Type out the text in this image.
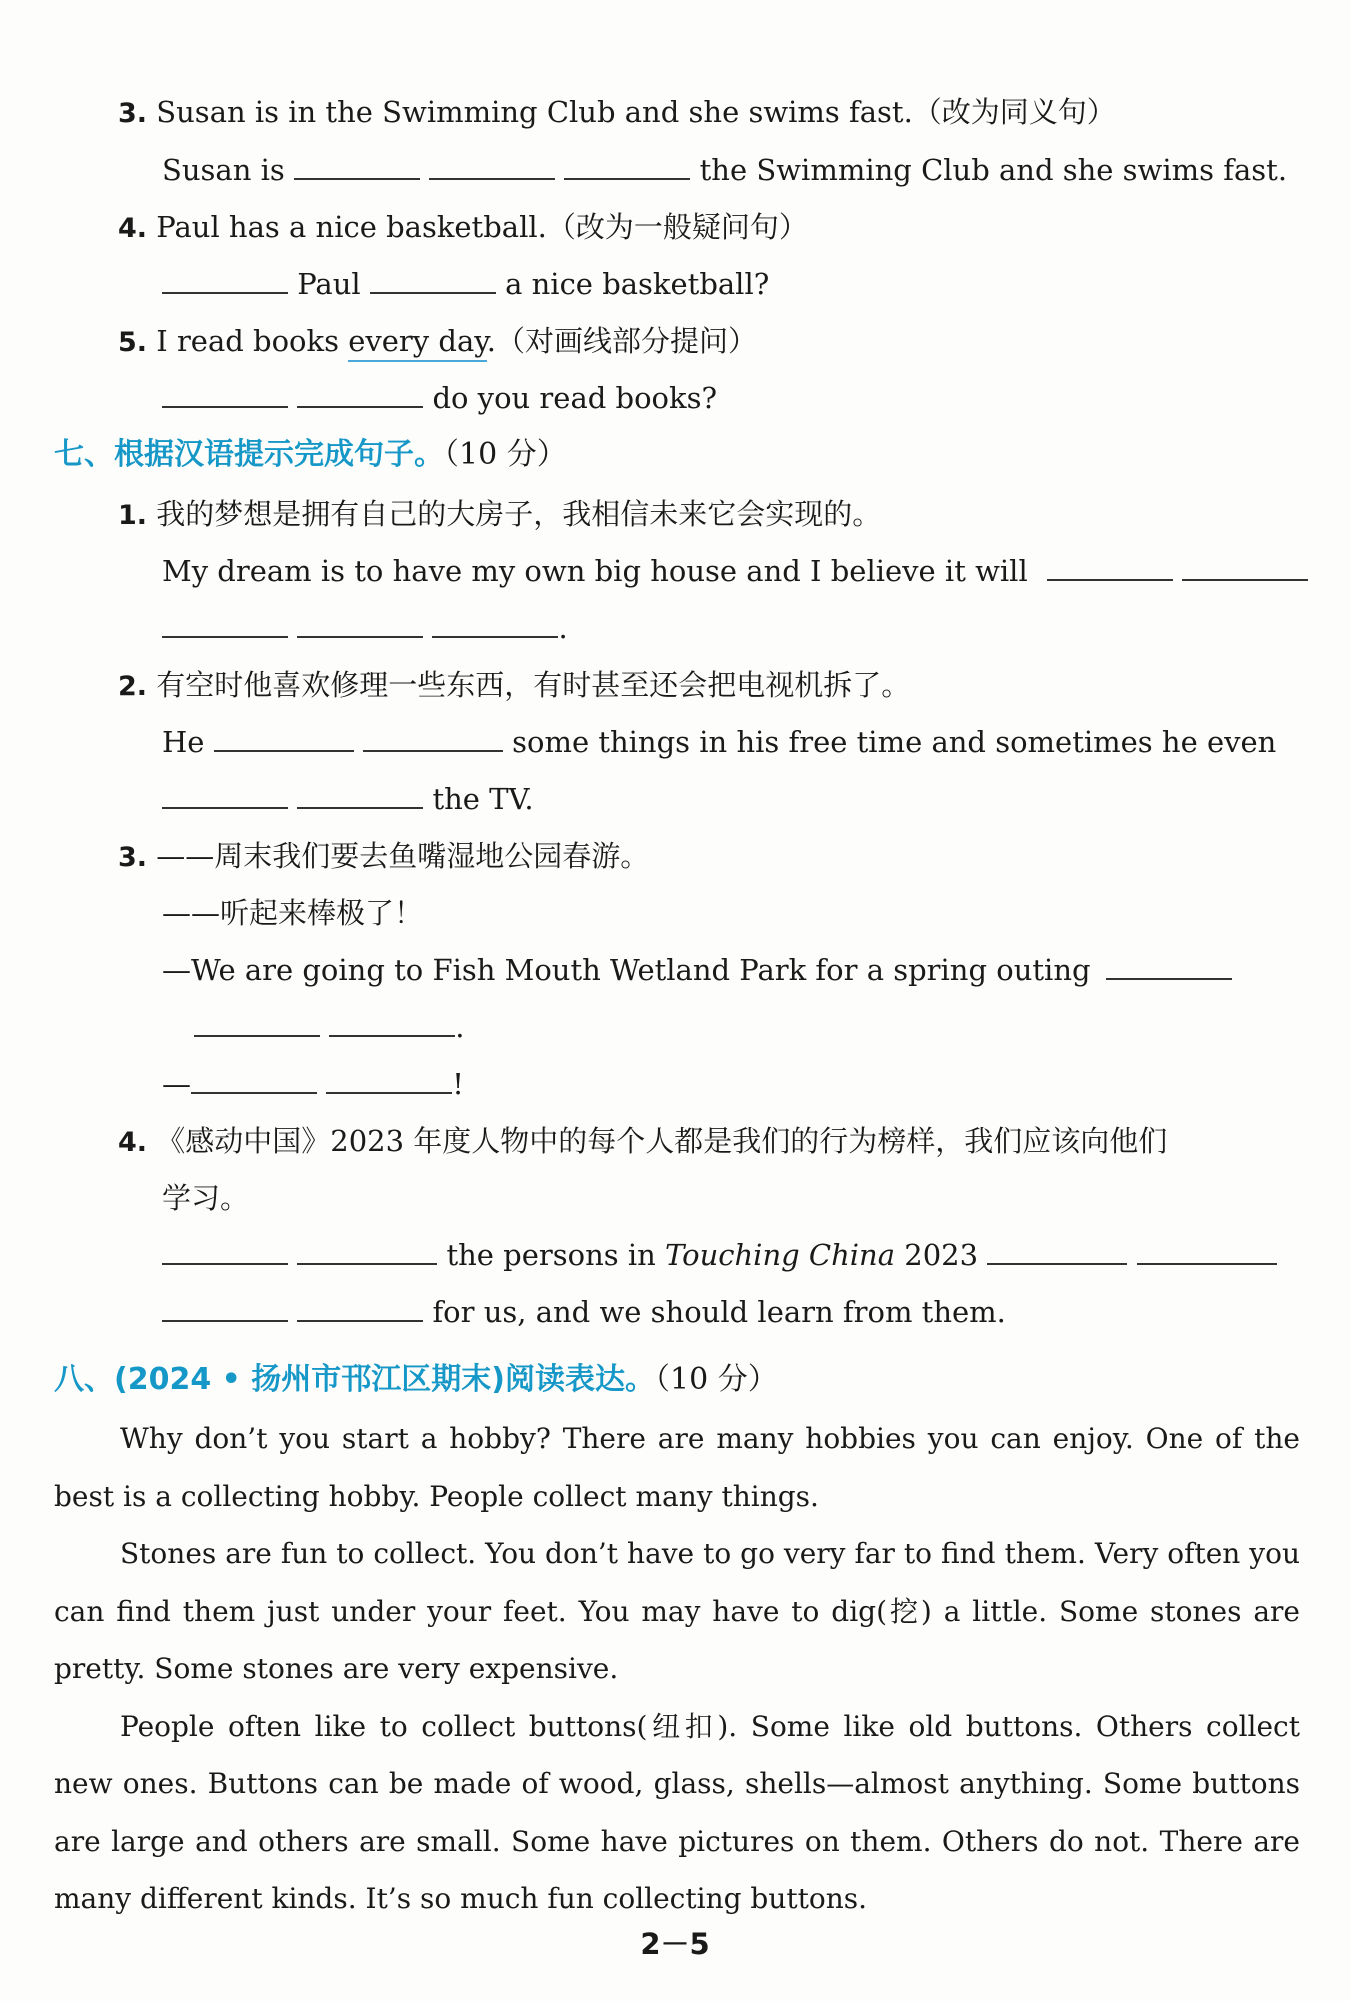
3. Susan is in the Swimming Club and she swims fast.（改为同义句）
Susan is	the Swimming Club and she swims fast.
4. Paul has a nice basketball.（改为一般疑问句）
Paul	a nice basketball?
5. I read books every day.（对画线部分提问）
do you read books?
七、根据汉语提示完成句子。（10 分）
1. 我的梦想是拥有自己的大房子，我相信未来它会实现的。
My dream is to have my own big house and I believe it will
.
2. 有空时他喜欢修理一些东西，有时甚至还会把电视机拆了。
He	some things in his free time and sometimes he even
the TV.
3. ——周末我们要去鱼嘴湿地公园春游。
——听起来棒极了！
—We are going to Fish Mouth Wetland Park for a spring outing
.
—	!
4. 《感动中国》2023 年度人物中的每个人都是我们的行为榜样，我们应该向他们
学习。
the persons in Touching China 2023
for us, and we should learn from them.
八、(2024 • 扬州市邗江区期末)阅读表达。（10 分）

Why don’t you start a hobby? There are many hobbies you can enjoy. One of the best is a collecting hobby. People collect many things.

Stones are fun to collect. You don’t have to go very far to find them. Very often you can find them just under your feet. You may have to dig(挖) a little. Some stones are pretty. Some stones are very expensive.

People often like to collect buttons(纽扣). Some like old buttons. Others collect new ones. Buttons can be made of wood, glass, shells—almost anything. Some buttons are large and others are small. Some have pictures on them. Others do not. There are many different kinds. It’s so much fun collecting buttons.

2－5
